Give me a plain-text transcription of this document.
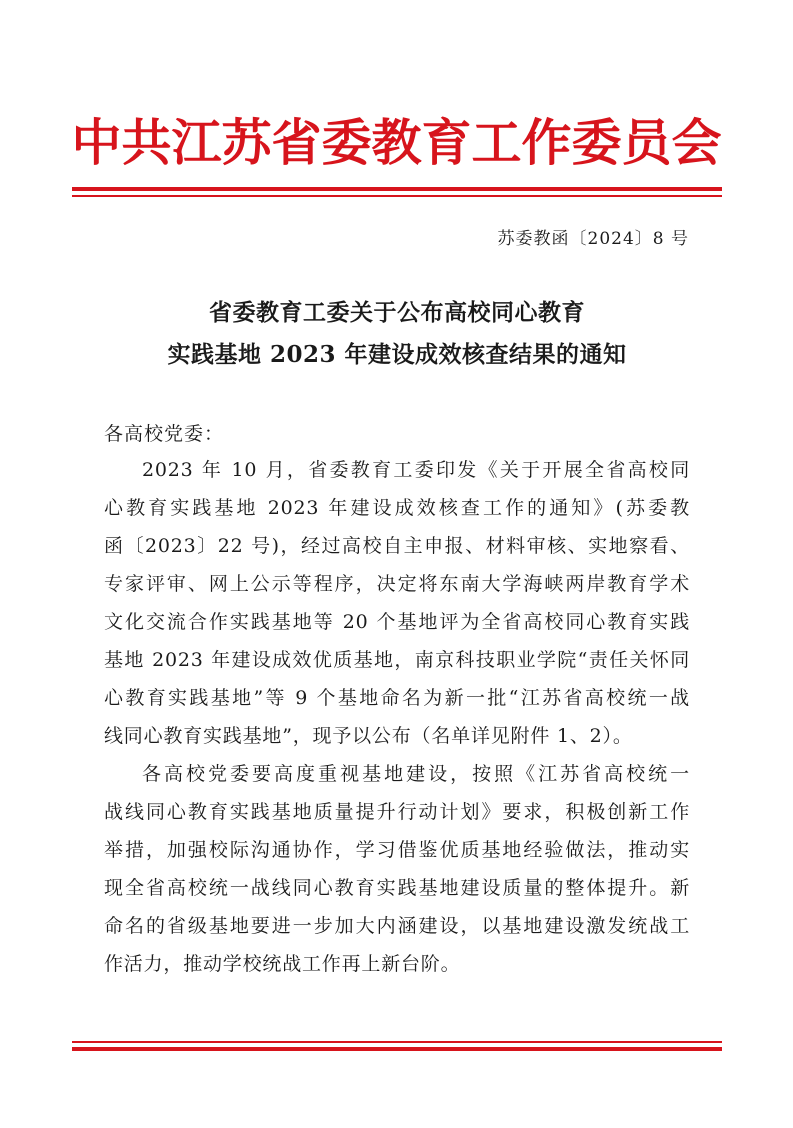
中共江苏省委教育工作委员会
苏委教函〔2024〕8 号
省委教育工委关于公布高校同心教育
实践基地 2023 年建设成效核查结果的通知
各高校党委：
2023 年 10 月，省委教育工委印发《关于开展全省高校同
心教育实践基地 2023 年建设成效核查工作的通知》(苏委教
函〔2023〕22 号)，经过高校自主申报、材料审核、实地察看、
专家评审、网上公示等程序，决定将东南大学海峡两岸教育学术
文化交流合作实践基地等 20 个基地评为全省高校同心教育实践
基地 2023 年建设成效优质基地，南京科技职业学院“责任关怀同
心教育实践基地”等 9 个基地命名为新一批“江苏省高校统一战
线同心教育实践基地”，现予以公布（名单详见附件 1、2）。
各高校党委要高度重视基地建设，按照《江苏省高校统一
战线同心教育实践基地质量提升行动计划》要求，积极创新工作
举措，加强校际沟通协作，学习借鉴优质基地经验做法，推动实
现全省高校统一战线同心教育实践基地建设质量的整体提升。新
命名的省级基地要进一步加大内涵建设，以基地建设激发统战工
作活力，推动学校统战工作再上新台阶。
